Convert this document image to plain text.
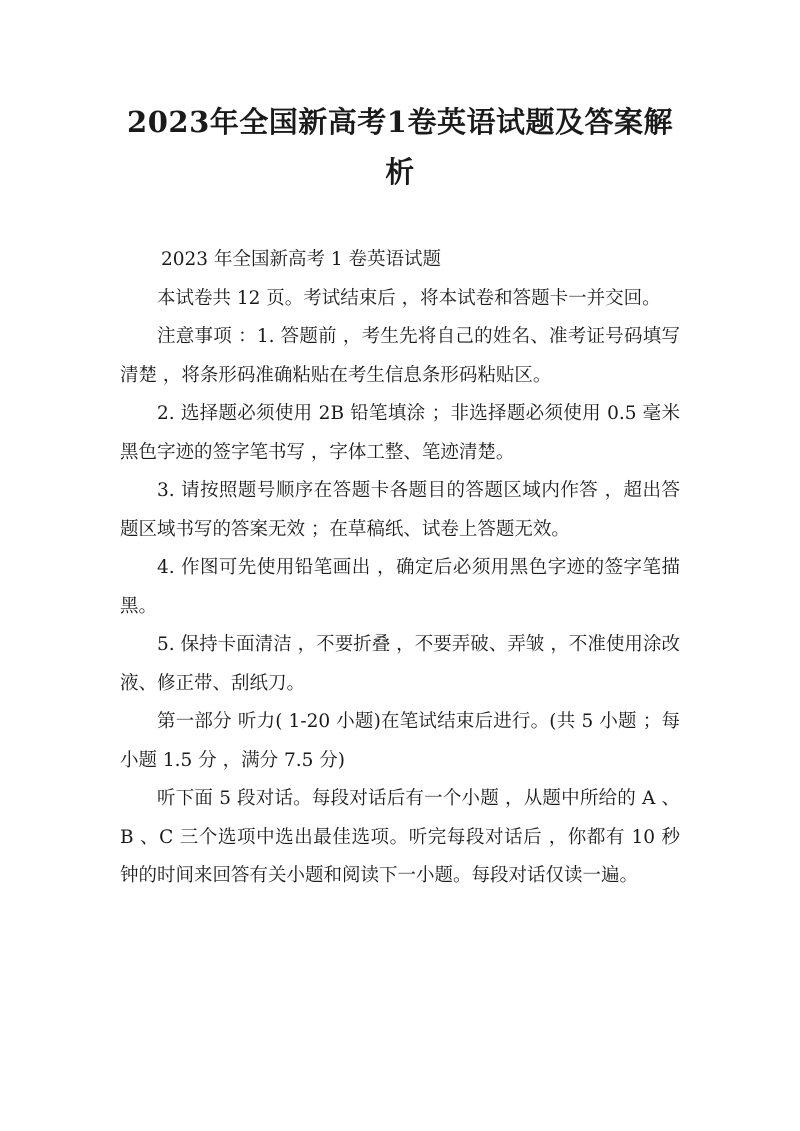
2023年全国新高考1卷英语试题及答案解析

2023 年全国新高考 1 卷英语试题

本试卷共 12 页。考试结束后 ，将本试卷和答题卡一并交回。

注意事项 ：1. 答题前 ，考生先将自己的姓名、准考证号码填写清楚 ，将条形码准确粘贴在考生信息条形码粘贴区。

2. 选择题必须使用 2B 铅笔填涂 ；非选择题必须使用 0.5 毫米黑色字迹的签字笔书写 ，字体工整、笔迹清楚。

3. 请按照题号顺序在答题卡各题目的答题区域内作答 ，超出答题区域书写的答案无效 ；在草稿纸、试卷上答题无效。

4. 作图可先使用铅笔画出 ，确定后必须用黑色字迹的签字笔描黑。

5. 保持卡面清洁 ，不要折叠 ，不要弄破、弄皱 ，不准使用涂改液、修正带、刮纸刀。

第一部分 听力( 1-20 小题)在笔试结束后进行。(共 5 小题 ；每小题 1.5 分 ，满分 7.5 分)

听下面 5 段对话。每段对话后有一个小题 ，从题中所给的 A 、B 、C 三个选项中选出最佳选项。听完每段对话后 ，你都有 10 秒钟的时间来回答有关小题和阅读下一小题。每段对话仅读一遍。
